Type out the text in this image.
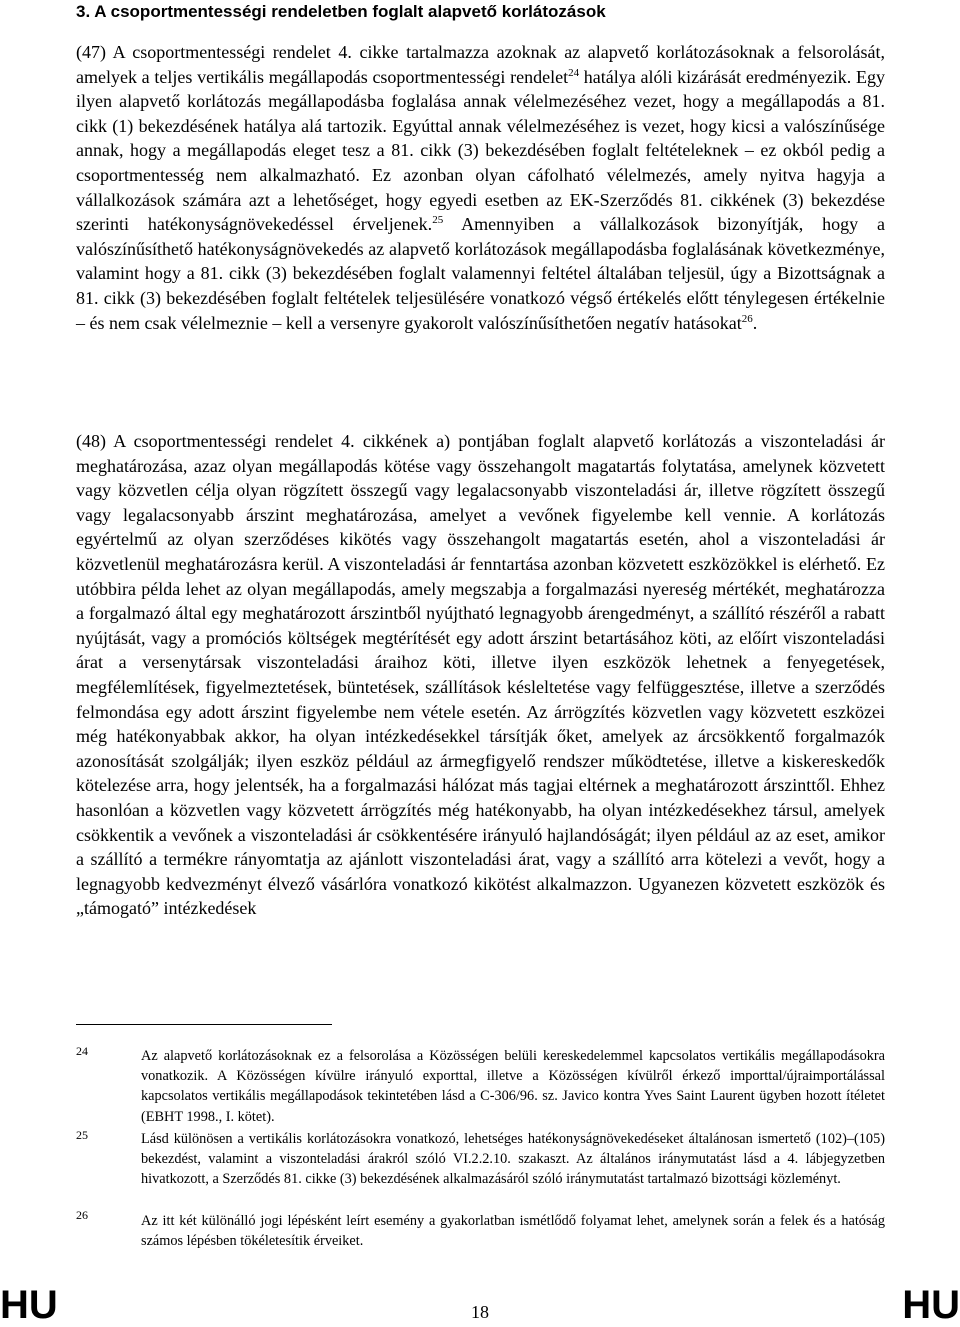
3. A csoportmentességi rendeletben foglalt alapvető korlátozások

(47) A csoportmentességi rendelet 4. cikke tartalmazza azoknak az alapvető korlátozásoknak a felsorolását, amelyek a teljes vertikális megállapodás csoportmentességi rendelet$^{24}$ hatálya alóli kizárását eredményezik. Egy ilyen alapvető korlátozás megállapodásba foglalása annak vélelmezéséhez vezet, hogy a megállapodás a 81. cikk (1) bekezdésének hatálya alá tartozik. Egyúttal annak vélelmezéséhez is vezet, hogy kicsi a valószínűsége annak, hogy a megállapodás eleget tesz a 81. cikk (3) bekezdésében foglalt feltételeknek – ez okból pedig a csoportmentesség nem alkalmazható. Ez azonban olyan cáfolható vélelmezés, amely nyitva hagyja a vállalkozások számára azt a lehetőséget, hogy egyedi esetben az EK-Szerződés 81. cikkének (3) bekezdése szerinti hatékonyságnövekedéssel érveljenek.$^{25}$ Amennyiben a vállalkozások bizonyítják, hogy a valószínűsíthető hatékonyságnövekedés az alapvető korlátozások megállapodásba foglalásának következménye, valamint hogy a 81. cikk (3) bekezdésében foglalt valamennyi feltétel általában teljesül, úgy a Bizottságnak a 81. cikk (3) bekezdésében foglalt feltételek teljesülésére vonatkozó végső értékelés előtt ténylegesen értékelnie – és nem csak vélelmeznie – kell a versenyre gyakorolt valószínűsíthetően negatív hatásokat$^{26}$.

(48) A csoportmentességi rendelet 4. cikkének a) pontjában foglalt alapvető korlátozás a viszonteladási ár meghatározása, azaz olyan megállapodás kötése vagy összehangolt magatartás folytatása, amelynek közvetett vagy közvetlen célja olyan rögzített összegű vagy legalacsonyabb viszonteladási ár, illetve rögzített összegű vagy legalacsonyabb árszint meghatározása, amelyet a vevőnek figyelembe kell vennie. A korlátozás egyértelmű az olyan szerződéses kikötés vagy összehangolt magatartás esetén, ahol a viszonteladási ár közvetlenül meghatározásra kerül. A viszonteladási ár fenntartása azonban közvetett eszközökkel is elérhető. Ez utóbbira példa lehet az olyan megállapodás, amely megszabja a forgalmazási nyereség mértékét, meghatározza a forgalmazó által egy meghatározott árszintből nyújtható legnagyobb árengedményt, a szállító részéről a rabatt nyújtását, vagy a promóciós költségek megtérítését egy adott árszint betartásához köti, az előírt viszonteladási árat a versenytársak viszonteladási áraihoz köti, illetve ilyen eszközök lehetnek a fenyegetések, megfélemlítések, figyelmeztetések, büntetések, szállítások késleltetése vagy felfüggesztése, illetve a szerződés felmondása egy adott árszint figyelembe nem vétele esetén. Az árrögzítés közvetlen vagy közvetett eszközei még hatékonyabbak akkor, ha olyan intézkedésekkel társítják őket, amelyek az árcsökkentő forgalmazók azonosítását szolgálják; ilyen eszköz például az ármegfigyelő rendszer működtetése, illetve a kiskereskedők kötelezése arra, hogy jelentsék, ha a forgalmazási hálózat más tagjai eltérnek a meghatározott árszinttől. Ehhez hasonlóan a közvetlen vagy közvetett árrögzítés még hatékonyabb, ha olyan intézkedésekhez társul, amelyek csökkentik a vevőnek a viszonteladási ár csökkentésére irányuló hajlandóságát; ilyen például az az eset, amikor a szállító a termékre rányomtatja az ajánlott viszonteladási árat, vagy a szállító arra kötelezi a vevőt, hogy a legnagyobb kedvezményt élvező vásárlóra vonatkozó kikötést alkalmazzon. Ugyanezen közvetett eszközök és „támogató” intézkedések

24	Az alapvető korlátozásoknak ez a felsorolása a Közösségen belüli kereskedelemmel kapcsolatos vertikális megállapodásokra vonatkozik. A Közösségen kívülre irányuló exporttal, illetve a Közösségen kívülről érkező importtal/újraimportálással kapcsolatos vertikális megállapodások tekintetében lásd a C-306/96. sz. Javico kontra Yves Saint Laurent ügyben hozott ítéletet (EBHT 1998., I. kötet).

25	Lásd különösen a vertikális korlátozásokra vonatkozó, lehetséges hatékonyságnövekedéseket általánosan ismertető (102)–(105) bekezdést, valamint a viszonteladási árakról szóló VI.2.2.10. szakaszt. Az általános iránymutatást lásd a 4. lábjegyzetben hivatkozott, a Szerződés 81. cikke (3) bekezdésének alkalmazásáról szóló iránymutatást tartalmazó bizottsági közleményt.

26	Az itt két különálló jogi lépésként leírt esemény a gyakorlatban ismétlődő folyamat lehet, amelynek során a felek és a hatóság számos lépésben tökéletesítik érveiket.

HU	18	HU
